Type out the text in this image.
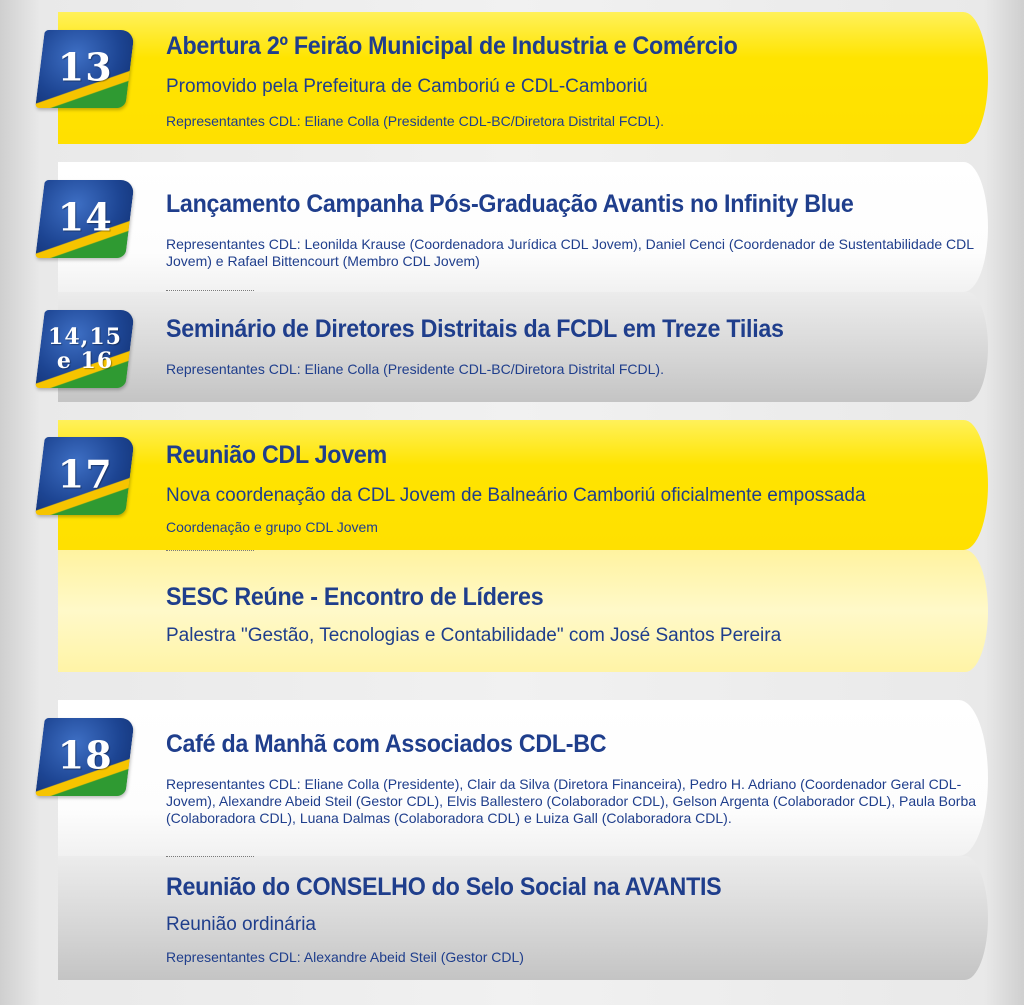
13
14
14,15
e 16
17
18
Abertura 2º Feirão Municipal de Industria e Comércio

Promovido pela Prefeitura de Camboriú e CDL-Camboriú

Representantes CDL: Eliane Colla (Presidente CDL-BC/Diretora Distrital FCDL).

Lançamento Campanha Pós-Graduação Avantis no Infinity Blue

Representantes CDL: Leonilda Krause (Coordenadora Jurídica CDL Jovem), Daniel Cenci (Coordenador de Sustentabilidade CDL Jovem) e Rafael Bittencourt (Membro CDL Jovem)

Seminário de Diretores Distritais da FCDL em Treze Tilias

Representantes CDL: Eliane Colla (Presidente CDL-BC/Diretora Distrital FCDL).

Reunião CDL Jovem

Nova coordenação da CDL Jovem de Balneário Camboriú oficialmente empossada

Coordenação e grupo CDL Jovem

SESC Reúne - Encontro de Líderes

Palestra "Gestão, Tecnologias e Contabilidade" com José Santos Pereira

Café da Manhã com Associados CDL-BC

Representantes CDL: Eliane Colla (Presidente), Clair da Silva (Diretora Financeira), Pedro H. Adriano (Coordenador Geral CDL-Jovem), Alexandre Abeid Steil (Gestor CDL), Elvis Ballestero (Colaborador CDL), Gelson Argenta (Colaborador CDL), Paula Borba (Colaboradora CDL), Luana Dalmas (Colaboradora CDL) e Luiza Gall (Colaboradora CDL).

Reunião do CONSELHO do Selo Social na AVANTIS

Reunião ordinária

Representantes CDL: Alexandre Abeid Steil (Gestor CDL)
